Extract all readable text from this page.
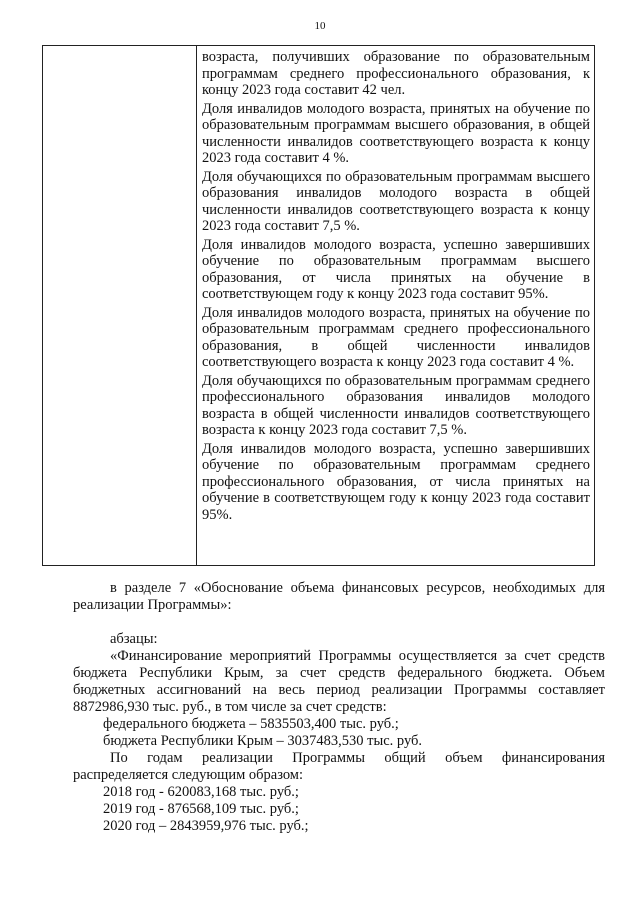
10

возраста, получивших образование по образовательным программам среднего профессионального образования, к концу 2023 года составит 42 чел.

Доля инвалидов молодого возраста, принятых на обучение по образовательным программам высшего образования, в общей численности инвалидов соответствующего возраста к концу 2023 года составит 4 %.

Доля обучающихся по образовательным программам высшего образования инвалидов молодого возраста в общей численности инвалидов соответствующего возраста к концу 2023 года составит 7,5 %.

Доля инвалидов молодого возраста, успешно завершивших обучение по образовательным программам высшего образования, от числа принятых на обучение в соответствующем году к концу 2023 года составит 95%.

Доля инвалидов молодого возраста, принятых на обучение по образовательным программам среднего профессионального образования, в общей численности инвалидов соответствующего возраста к концу 2023 года составит 4 %.

Доля обучающихся по образовательным программам среднего профессионального образования инвалидов молодого возраста в общей численности инвалидов соответствующего возраста к концу 2023 года составит 7,5 %.

Доля инвалидов молодого возраста, успешно завершивших обучение по образовательным программам среднего профессионального образования, от числа принятых на обучение в соответствующем году к концу 2023 года составит 95%.

в разделе 7 «Обоснование объема финансовых ресурсов, необходимых для реализации Программы»:

абзацы:

«Финансирование мероприятий Программы осуществляется за счет средств бюджета Республики Крым, за счет средств федерального бюджета. Объем бюджетных ассигнований на весь период реализации Программы составляет 8872986,930 тыс. руб., в том числе за счет средств:

федерального бюджета – 5835503,400 тыс. руб.;

бюджета Республики Крым – 3037483,530 тыс. руб.

По годам реализации Программы общий объем финансирования распределяется следующим образом:

2018 год - 620083,168 тыс. руб.;

2019 год - 876568,109 тыс. руб.;

2020 год – 2843959,976 тыс. руб.;
